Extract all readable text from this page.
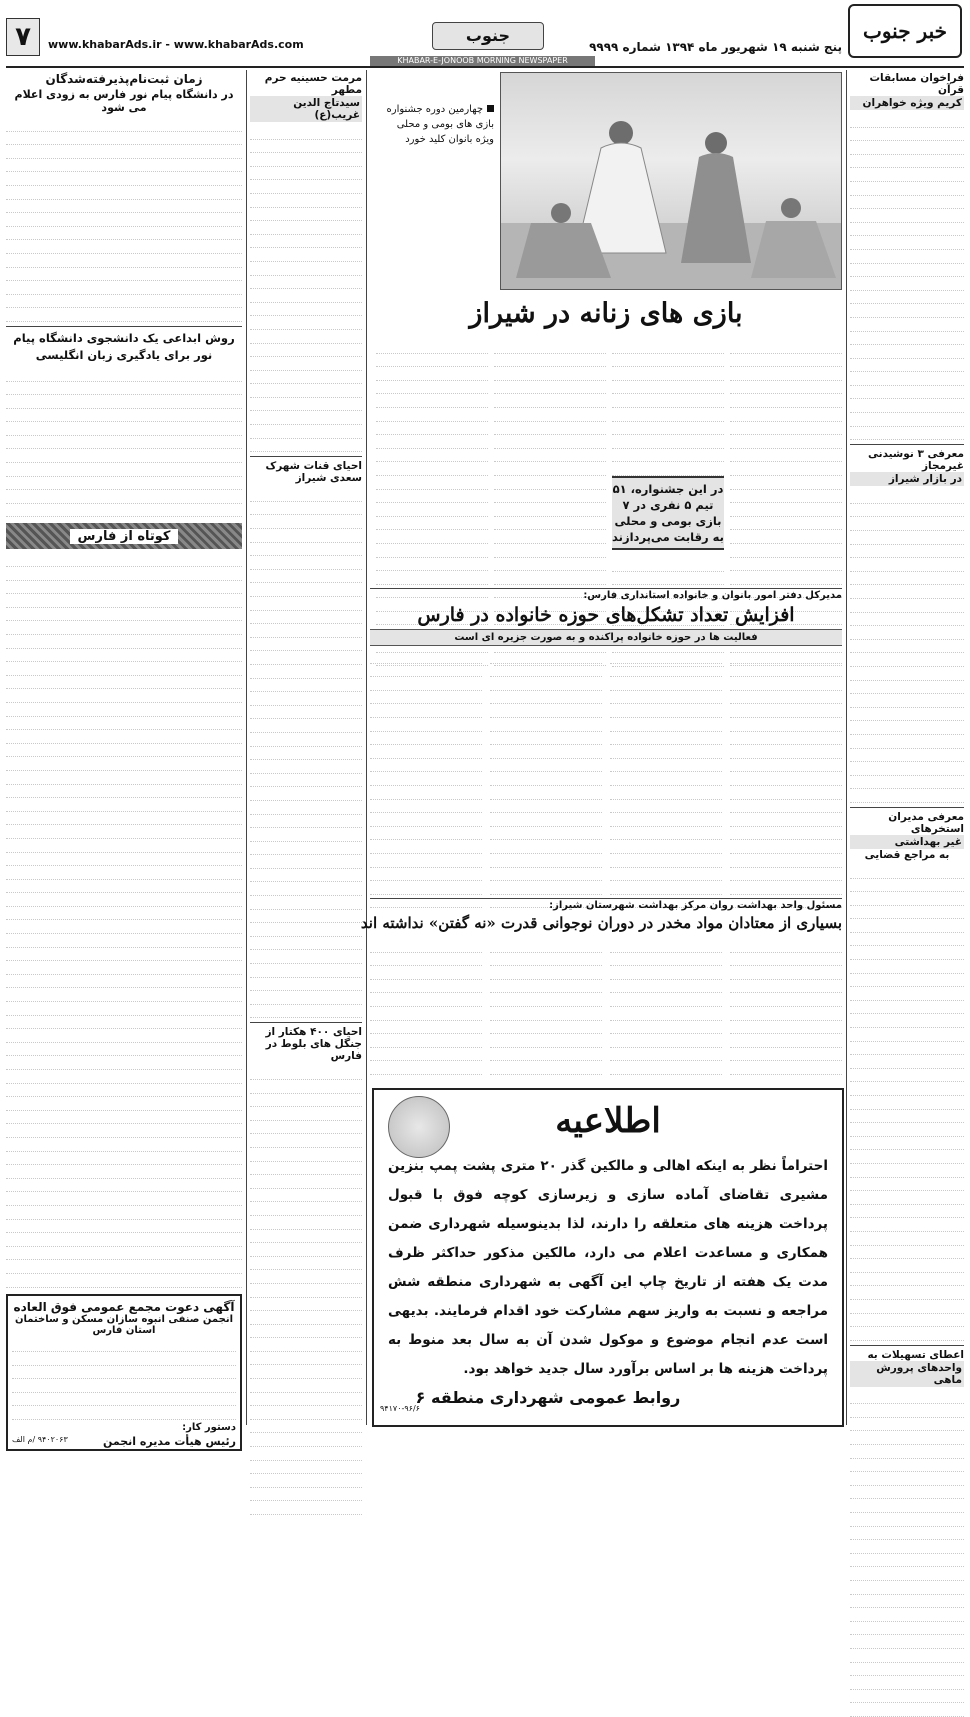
خبر جنوب
پنج شنبه ۱۹ شهریور ماه ۱۳۹۴ شماره ۹۹۹۹
جنوب
www.khabarAds.ir - www.khabarAds.com
۷
KHABAR-E-JONOOB MORNING NEWSPAPER
فراخوان مسابقات قرآن
کریم ویژه خواهران
معرفی ۳ نوشیدنی غیرمجاز
در بازار شیراز
معرفی مدیران استخرهای
غیر بهداشتی
به مراجع قضایی
اعطای تسهیلات به
واحدهای پرورش ماهی
چهارمین دوره جشنواره بازی های بومی و محلی ویژه بانوان کلید خورد
بازی های زنانه در شیراز
در این جشنواره، ۵۱ تیم ۵ نفری در ۷ بازی بومی و محلی به رقابت می‌پردازند
مدیرکل دفتر امور بانوان و خانواده استانداری فارس:
افزایش تعداد تشکل‌های حوزه خانواده در فارس
فعالیت ها در حوزه خانواده پراکنده و به صورت جزیره ای است
مسئول واحد بهداشت روان مرکز بهداشت شهرستان شیراز:
بسیاری از معتادان مواد مخدر در دوران نوجوانی قدرت «نه گفتن» نداشته اند
اطلاعیه
احتراماً نظر به اینکه اهالی و مالکین گذر ۲۰ متری پشت پمپ بنزین مشیری تقاضای آماده سازی و زیرسازی کوچه فوق با قبول پرداخت هزینه های متعلقه را دارند، لذا بدینوسیله شهرداری ضمن همکاری و مساعدت اعلام می دارد، مالکین مذکور حداکثر ظرف مدت یک هفته از تاریخ چاپ این آگهی به شهرداری منطقه شش مراجعه و نسبت به واریز سهم مشارکت خود اقدام فرمایند. بدیهی است عدم انجام موضوع و موکول شدن آن به سال بعد منوط به پرداخت هزینه ها بر اساس برآورد سال جدید خواهد بود.
روابط عمومی شهرداری منطقه ۶
۹۴۱۷۰-۹۶/۶
مرمت حسینیه حرم مطهر
سیدتاج الدین غریب(ع)
احیای قنات شهرک سعدی شیراز
احیای ۴۰۰ هکتار از جنگل های بلوط در فارس
زمان ثبت‌نام‌پذیرفته‌شدگان
در دانشگاه پیام نور فارس به زودی اعلام می شود
روش ابداعی یک دانشجوی دانشگاه پیام نور برای یادگیری زبان انگلیسی
کوتاه از فارس
آگهی دعوت مجمع عمومی فوق العاده
انجمن صنفی انبوه سازان مسکن و ساختمان استان فارس
دستور کار:
رئیس هیأت مدیره انجمن
۹۴۰۲۰۶۳ /م الف
